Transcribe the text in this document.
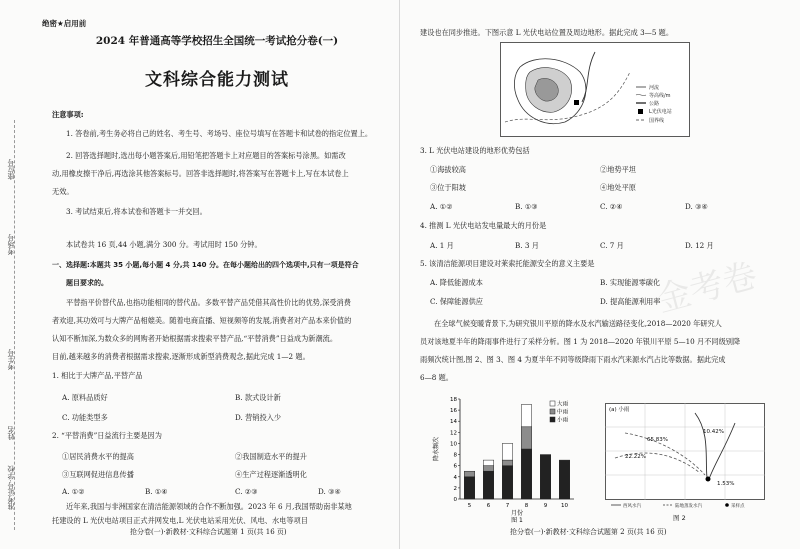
座位号
考场号
考生号
姓名
准考证号·学校
绝密★启用前
2024 年普通高等学校招生全国统一考试抢分卷(一)
文科综合能力测试
注意事项:
1. 答卷前,考生务必将自己的姓名、考生号、考场号、座位号填写在答题卡和试卷的指定位置上。
2. 回答选择题时,选出每小题答案后,用铅笔把答题卡上对应题目的答案标号涂黑。如需改
动,用橡皮擦干净后,再选涂其他答案标号。回答非选择题时,将答案写在答题卡上,写在本试卷上
无效。
3. 考试结束后,将本试卷和答题卡一并交回。
本试卷共 16 页,44 小题,满分 300 分。考试用时 150 分钟。
一、选择题:本题共 35 小题,每小题 4 分,共 140 分。在每小题给出的四个选项中,只有一项是符合
题目要求的。
平替指平价替代品,也指功能相同的替代品。多数平替产品凭借其高性价比的优势,深受消费
者欢迎,其功效可与大牌产品相媲美。随着电商直播、短视频等的发展,消费者对产品本来价值的
认知不断加深,为数众多的网购者开始根据需求搜索平替产品,“平替消费”日益成为新潮流。
目前,越来越多的消费者根据需求搜索,逐渐形成新型消费观念,据此完成 1—2 题。
1. 相比于大牌产品,平替产品
A. 原料品质好	B. 款式设计新
C. 功能类型多	D. 营销投入少
2. “平替消费”日益流行主要是因为
①居民消费水平的提高	②我国制造水平的提升
③互联网促进信息传播	④生产过程逐渐透明化
A. ①②	B. ①④	C. ②③	D. ③④
近年来,我国与非洲国家在清洁能源领域的合作不断加强。2023 年 6 月,我国帮助南非某地
托建设的 L 光伏电站项目正式并网发电,L 光伏电站采用光伏、风电、水电等项目
抢分卷(一)·新教材·文科综合试题第 1 页(共 16 页)
建设也在同步推进。下图示意 L 光伏电站位置及周边地形。据此完成 3—5 题。
河流
等高线/m
公路
L光伏电站
国界线
3. L 光伏电站建设的地形优势包括
①海拔较高	②地势平坦
③位于阳坡	④地处平原
A. ①②	B. ①③	C. ②④	D. ③④
4. 推测 L 光伏电站发电量最大的月份是
A. 1 月	B. 3 月	C. 7 月	D. 12 月
5. 该清洁能源项目建设对莱索托能源安全的意义主要是
A. 降低能源成本	B. 实现能源零碳化
C. 保障能源供应	D. 提高能源利用率
金考卷
在全球气候变暖背景下,为研究银川平原的降水及水汽输送路径变化,2018—2020 年研究人
员对该地夏半年的降雨事件进行了采样分析。图 1 为 2018—2020 年银川平原 5—10 月不同级别降
雨频次统计图,图 2、图 3、图 4 为夏半年不同等级降雨下雨水汽来源水汽占比等数据。据此完成
6—8 题。
0
2
4
6
8
10
12
14
16
18
降水频次
5	6	7	8	9	10
月份
图 1
大雨
中雨
小雨
(a) 小雨
65.83%
22.22%
10.42%
1.53%
西风水汽	陆地蒸发水汽	采样点
图 2
抢分卷(一)·新教材·文科综合试题第 2 页(共 16 页)
